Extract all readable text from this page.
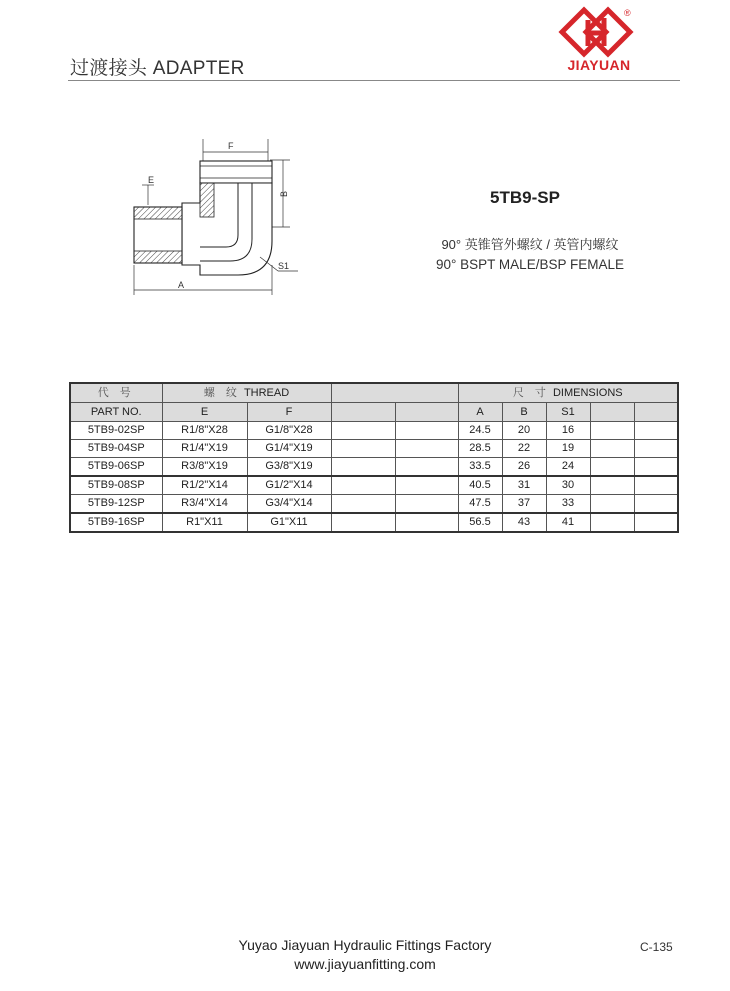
过渡接头 ADAPTER
®
JIAYUAN
F
B
E
A
S1
5TB9-SP
90° 英锥管外螺纹 / 英管内螺纹
90° BSPT MALE/BSP FEMALE
代 号	螺 纹 THREAD				尺 寸 DIMENSIONS				
PART NO.	E	F			A	B	S1		
5TB9-02SP	R1/8"X28	G1/8"X28			24.5	20	16		
5TB9-04SP	R1/4"X19	G1/4"X19			28.5	22	19		
5TB9-06SP	R3/8"X19	G3/8"X19			33.5	26	24		
5TB9-08SP	R1/2"X14	G1/2"X14			40.5	31	30		
5TB9-12SP	R3/4"X14	G3/4"X14			47.5	37	33		
5TB9-16SP	R1"X11	G1"X11			56.5	43	41		
Yuyao Jiayuan Hydraulic Fittings Factory
www.jiayuanfitting.com
C-135
